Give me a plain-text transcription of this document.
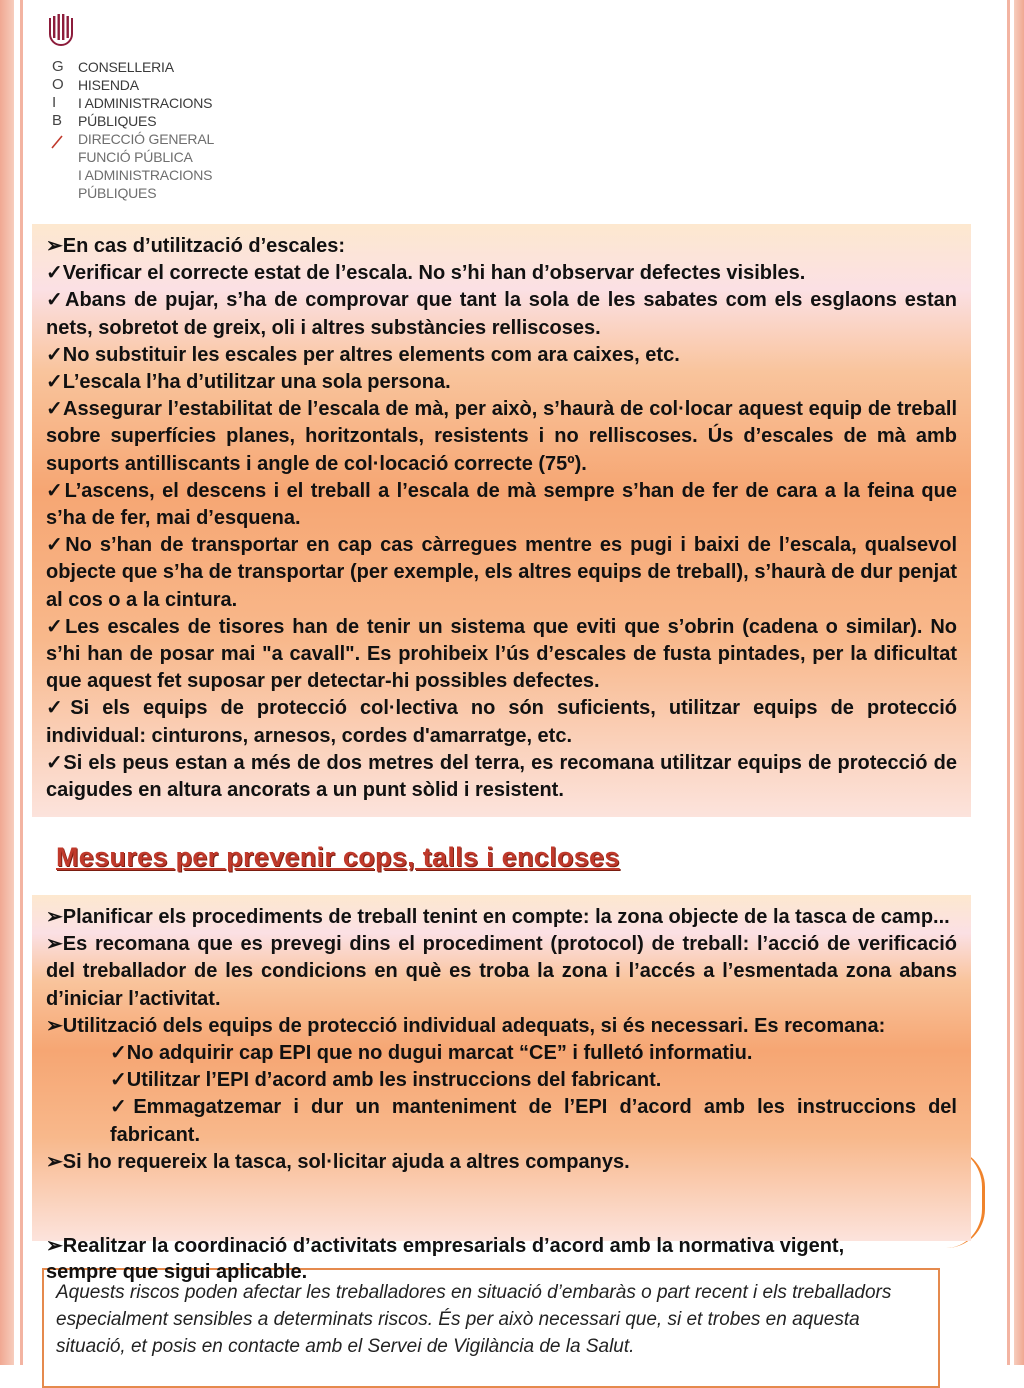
G
O
I
B
CONSELLERIA
HISENDA
I ADMINISTRACIONS
PÚBLIQUES
DIRECCIÓ GENERAL
FUNCIÓ PÚBLICA
I ADMINISTRACIONS
PÚBLIQUES

➢En cas d’utilització d’escales:

✓Verificar el correcte estat de l’escala. No s’hi han d’observar defectes visibles.

✓Abans de pujar, s’ha de comprovar que tant la sola de les sabates com els esglaons estan nets, sobretot de greix, oli i altres substàncies relliscoses.

✓No substituir les escales per altres elements com ara caixes, etc.

✓L’escala l’ha d’utilitzar una sola persona.

✓Assegurar l’estabilitat de l’escala de mà, per això, s’haurà de col·locar aquest equip de treball sobre superfícies planes, horitzontals, resistents i no relliscoses. Ús d’escales de mà amb suports antilliscants i angle de col·locació correcte (75º).

✓L’ascens, el descens i el treball a l’escala de mà sempre s’han de fer de cara a la feina que s’ha de fer, mai d’esquena.

✓No s’han de transportar en cap cas càrregues mentre es pugi i baixi de l’escala, qualsevol objecte que s’ha de transportar (per exemple, els altres equips de treball), s’haurà de dur penjat al cos o a la cintura.

✓Les escales de tisores han de tenir un sistema que eviti que s’obrin (cadena o similar). No s’hi han de posar mai "a cavall". Es prohibeix l’ús d’escales de fusta pintades, per la dificultat que aquest fet suposar per detectar-hi possibles defectes.

✓Si els equips de protecció col·lectiva no són suficients, utilitzar equips de protecció individual: cinturons, arnesos, cordes d'amarratge, etc.

✓Si els peus estan a més de dos metres del terra, es recomana utilitzar equips de protecció de caigudes en altura ancorats a un punt sòlid i resistent.

Mesures per prevenir cops, talls i encloses

➢Planificar els procediments de treball tenint en compte: la zona objecte de la tasca de camp...

➢Es recomana que es prevegi dins el procediment (protocol) de treball: l’acció de verificació del treballador de les condicions en què es troba la zona i l’accés a l’esmentada zona abans d’iniciar l’activitat.

➢Utilització dels equips de protecció individual adequats, si és necessari. Es recomana:

✓No adquirir cap EPI que no dugui marcat “CE” i fulletó informatiu.

✓Utilitzar l’EPI d’acord amb les instruccions del fabricant.

✓Emmagatzemar i dur un manteniment de l’EPI d’acord amb les instruccions del fabricant.

➢Si ho requereix la tasca, sol·licitar ajuda a altres companys.

Aquests riscos poden afectar les treballadores en situació d’embaràs o part recent i els treballadors especialment sensibles a determinats riscos. És per això necessari que, si et trobes en aquesta situació, et posis en contacte amb el Servei de Vigilància de la Salut.
➢Realitzar la coordinació d’activitats empresarials d’acord amb la normativa vigent,
sempre que sigui aplicable.
